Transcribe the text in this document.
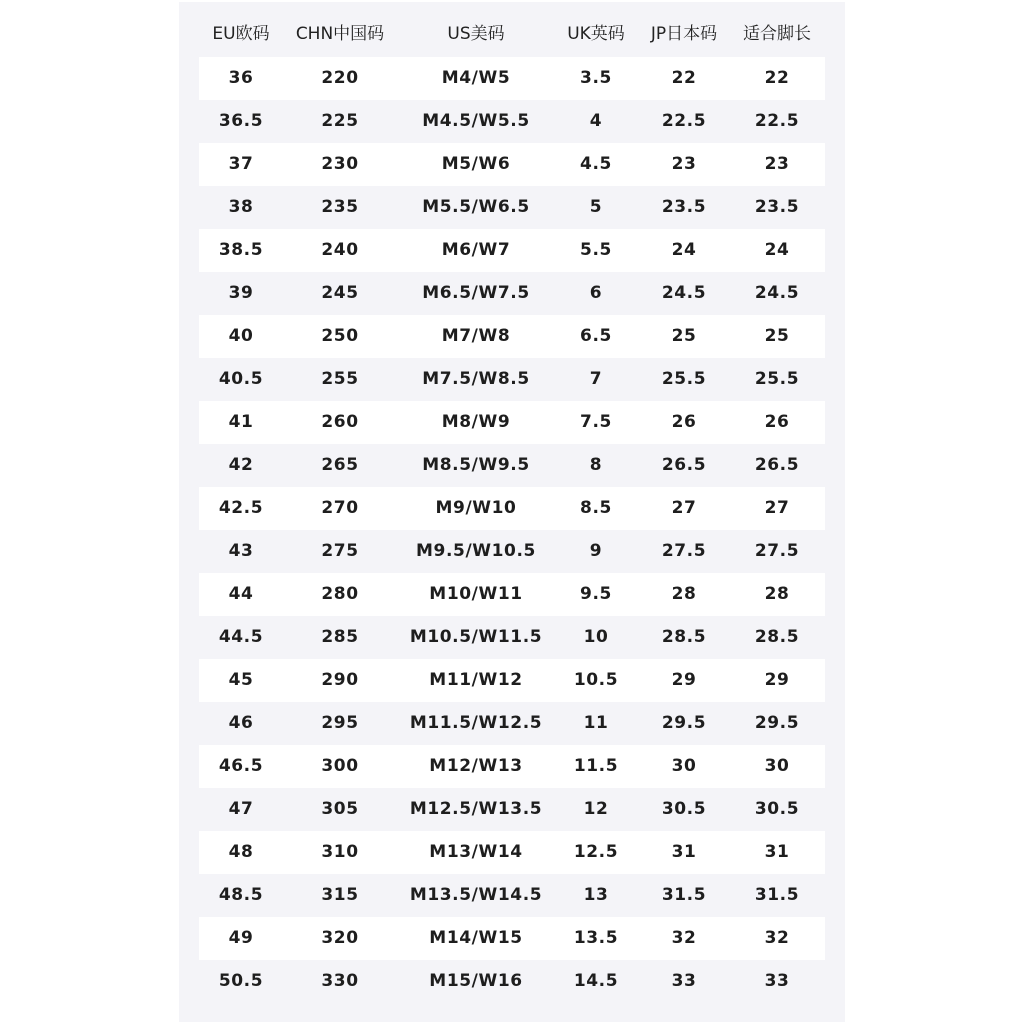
EU欧码	CHN中国码	US美码	UK英码	JP日本码	适合脚长
36	220	M4/W5	3.5	22	22
36.5	225	M4.5/W5.5	4	22.5	22.5
37	230	M5/W6	4.5	23	23
38	235	M5.5/W6.5	5	23.5	23.5
38.5	240	M6/W7	5.5	24	24
39	245	M6.5/W7.5	6	24.5	24.5
40	250	M7/W8	6.5	25	25
40.5	255	M7.5/W8.5	7	25.5	25.5
41	260	M8/W9	7.5	26	26
42	265	M8.5/W9.5	8	26.5	26.5
42.5	270	M9/W10	8.5	27	27
43	275	M9.5/W10.5	9	27.5	27.5
44	280	M10/W11	9.5	28	28
44.5	285	M10.5/W11.5	10	28.5	28.5
45	290	M11/W12	10.5	29	29
46	295	M11.5/W12.5	11	29.5	29.5
46.5	300	M12/W13	11.5	30	30
47	305	M12.5/W13.5	12	30.5	30.5
48	310	M13/W14	12.5	31	31
48.5	315	M13.5/W14.5	13	31.5	31.5
49	320	M14/W15	13.5	32	32
50.5	330	M15/W16	14.5	33	33
